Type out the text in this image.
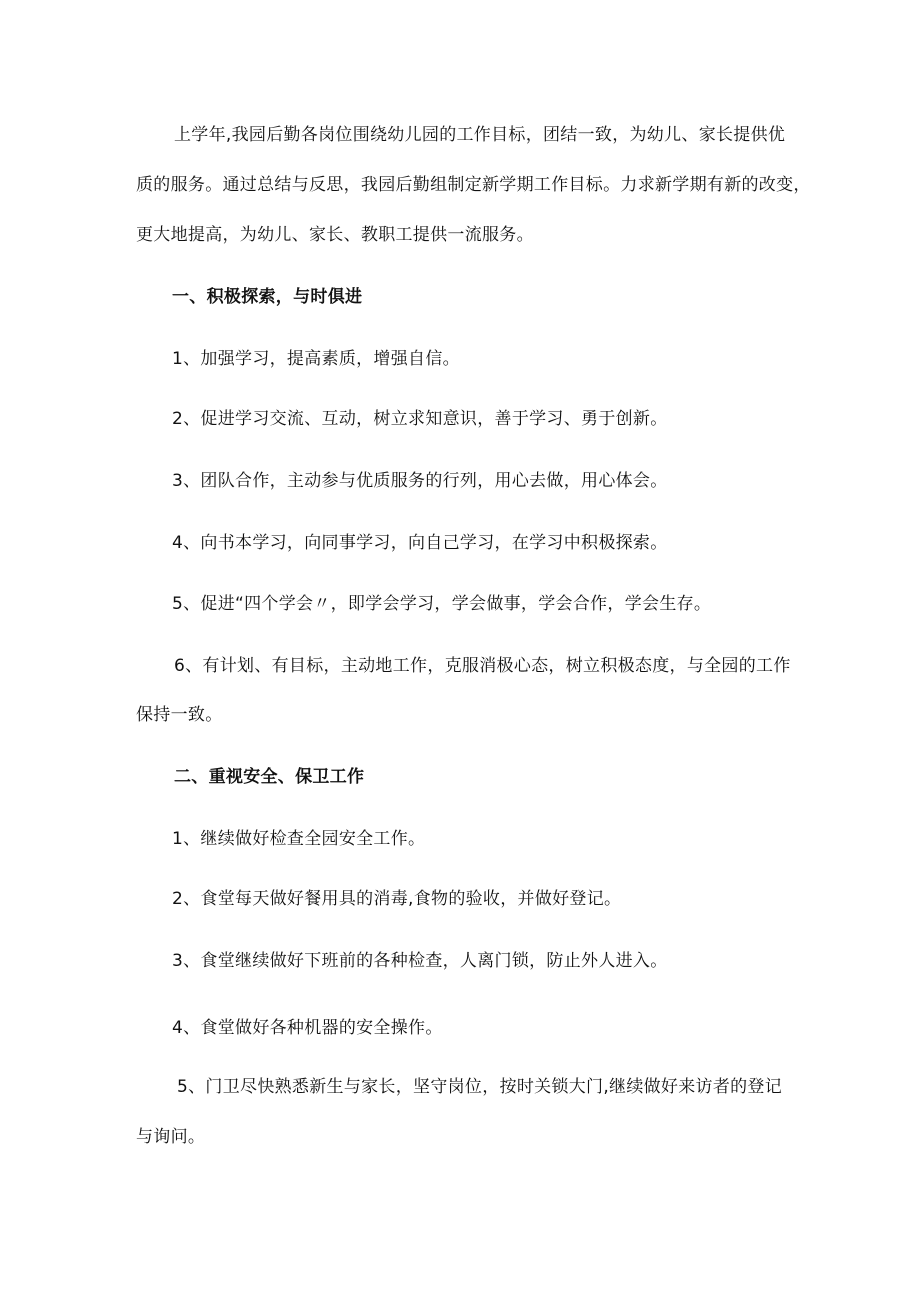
上学年,我园后勤各岗位围绕幼儿园的工作目标，团结一致，为幼儿、家长提供优
质的服务。通过总结与反思，我园后勤组制定新学期工作目标。力求新学期有新的改变，
更大地提高，为幼儿、家长、教职工提供一流服务。
一、积极探索，与时俱进
1、加强学习，提高素质，增强自信。
2、促进学习交流、互动，树立求知意识，善于学习、勇于创新。
3、团队合作，主动参与优质服务的行列，用心去做，用心体会。
4、向书本学习，向同事学习，向自己学习，在学习中积极探索。
5、促进“四个学会〃，即学会学习，学会做事，学会合作，学会生存。
6、有计划、有目标，主动地工作，克服消极心态，树立积极态度，与全园的工作
保持一致。
二、重视安全、保卫工作
1、继续做好检查全园安全工作。
2、食堂每天做好餐用具的消毒,食物的验收，并做好登记。
3、食堂继续做好下班前的各种检查，人离门锁，防止外人进入。
4、食堂做好各种机器的安全操作。
5、门卫尽快熟悉新生与家长，坚守岗位，按时关锁大门,继续做好来访者的登记
与询问。
